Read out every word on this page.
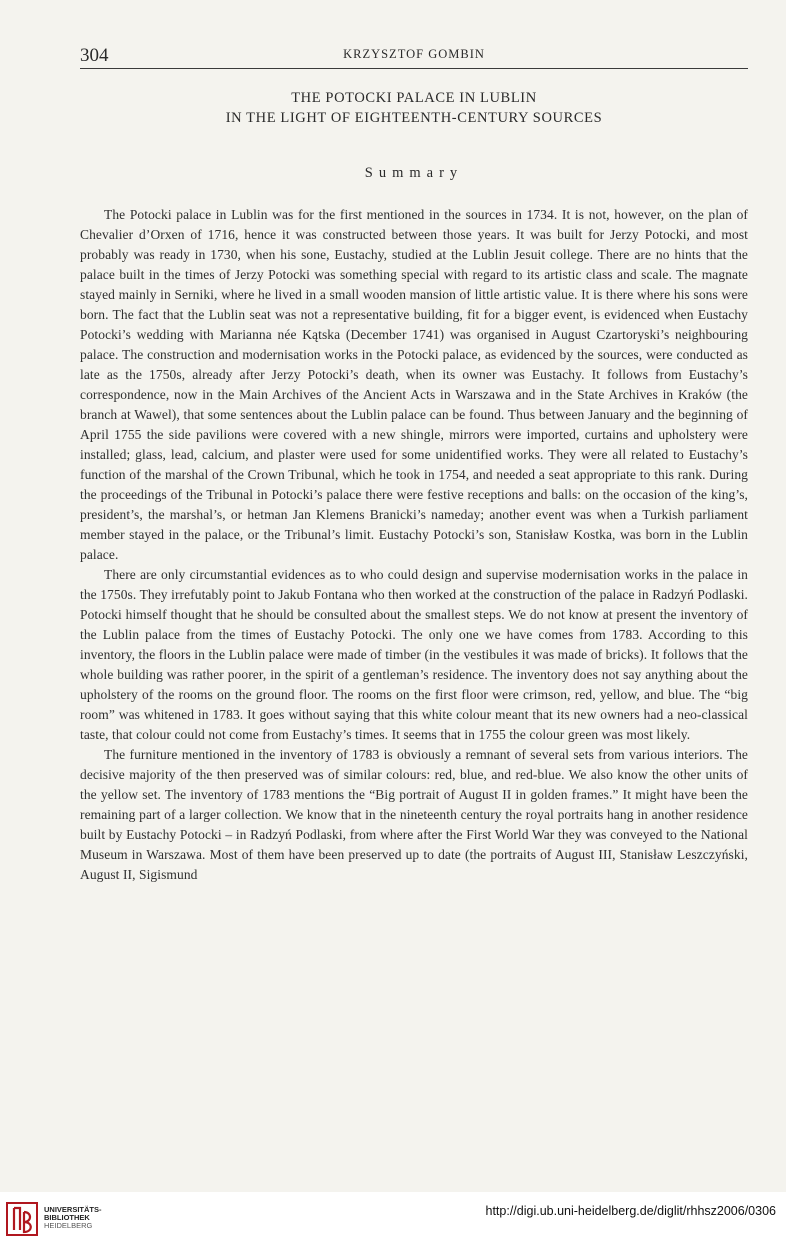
304	KRZYSZTOF GOMBIN
THE POTOCKI PALACE IN LUBLIN
IN THE LIGHT OF EIGHTEENTH-CENTURY SOURCES
Summary

The Potocki palace in Lublin was for the first mentioned in the sources in 1734. It is not, however, on the plan of Chevalier d’Orxen of 1716, hence it was constructed between those years. It was built for Jerzy Potocki, and most probably was ready in 1730, when his sone, Eustachy, studied at the Lublin Jesuit college. There are no hints that the palace built in the times of Jerzy Potocki was something special with regard to its artistic class and scale. The magnate stayed mainly in Serniki, where he lived in a small wooden mansion of little artistic value. It is there where his sons were born. The fact that the Lublin seat was not a representative building, fit for a bigger event, is evidenced when Eustachy Potocki’s wedding with Marianna née Kątska (December 1741) was organised in August Czartoryski’s neighbouring palace. The construction and modernisation works in the Potocki palace, as evidenced by the sources, were conducted as late as the 1750s, already after Jerzy Potocki’s death, when its owner was Eustachy. It follows from Eustachy’s correspondence, now in the Main Archives of the Ancient Acts in Warszawa and in the State Archives in Kraków (the branch at Wawel), that some sentences about the Lublin palace can be found. Thus between January and the beginning of April 1755 the side pavilions were covered with a new shingle, mirrors were imported, curtains and upholstery were installed; glass, lead, calcium, and plaster were used for some unidentified works. They were all related to Eustachy’s function of the marshal of the Crown Tribunal, which he took in 1754, and needed a seat appropriate to this rank. During the proceedings of the Tribunal in Potocki’s palace there were festive receptions and balls: on the occasion of the king’s, president’s, the marshal’s, or hetman Jan Klemens Branicki’s nameday; another event was when a Turkish parliament member stayed in the palace, or the Tribunal’s limit. Eustachy Potocki’s son, Stanisław Kostka, was born in the Lublin palace.

There are only circumstantial evidences as to who could design and supervise modernisation works in the palace in the 1750s. They irrefutably point to Jakub Fontana who then worked at the construction of the palace in Radzyń Podlaski. Potocki himself thought that he should be consulted about the smallest steps. We do not know at present the inventory of the Lublin palace from the times of Eustachy Potocki. The only one we have comes from 1783. According to this inventory, the floors in the Lublin palace were made of timber (in the vestibules it was made of bricks). It follows that the whole building was rather poorer, in the spirit of a gentleman’s residence. The inventory does not say anything about the upholstery of the rooms on the ground floor. The rooms on the first floor were crimson, red, yellow, and blue. The “big room” was whitened in 1783. It goes without saying that this white colour meant that its new owners had a neo-classical taste, that colour could not come from Eustachy’s times. It seems that in 1755 the colour green was most likely.

The furniture mentioned in the inventory of 1783 is obviously a remnant of several sets from various interiors. The decisive majority of the then preserved was of similar colours: red, blue, and red-blue. We also know the other units of the yellow set. The inventory of 1783 mentions the “Big portrait of August II in golden frames.” It might have been the remaining part of a larger collection. We know that in the nineteenth century the royal portraits hang in another residence built by Eustachy Potocki – in Radzyń Podlaski, from where after the First World War they was conveyed to the National Museum in Warszawa. Most of them have been preserved up to date (the portraits of August III, Stanisław Leszczyński, August II, Sigismund

UNIVERSITÄTS-
BIBLIOTHEK
HEIDELBERG
http://digi.ub.uni-heidelberg.de/diglit/rhhsz2006/0306
